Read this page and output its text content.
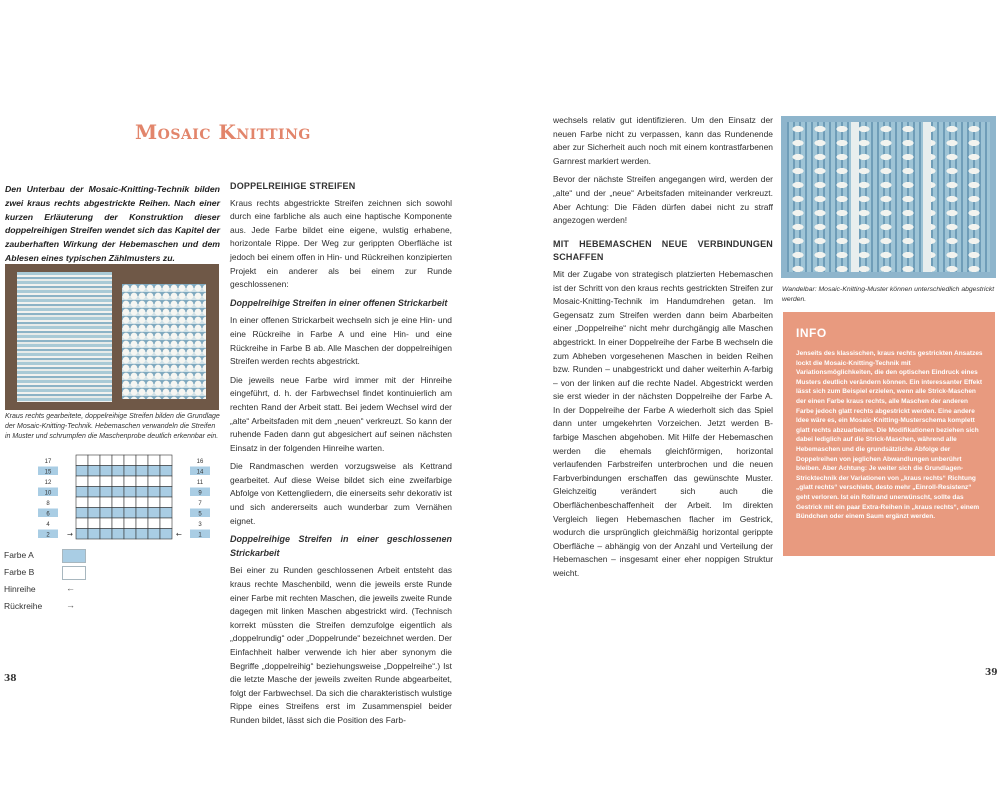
Mosaic Knitting
Den Unterbau der Mosaic-Knitting-Technik bilden zwei kraus rechts abgestrickte Reihen. Nach einer kurzen Erläuterung der Konstruktion dieser doppelreihigen Streifen wendet sich das Kapitel der zauberhaften Wirkung der Hebemaschen und dem Ablesen eines typischen Zählmusters zu.
Kraus rechts gearbeitete, doppelreihige Streifen bilden die Grundlage der Mosaic-Knitting-Technik. Hebemaschen verwandeln die Streifen in Muster und schrumpfen die Maschenprobe deutlich erkennbar ein.
17	16
15	14
12	11
10	9
8	7
6	5
4	3
2	1
→	←
Farbe A
Farbe B
Hinreihe	←
Rückreihe	→
38
39
DOPPELREIHIGE STREIFEN

Kraus rechts abgestrickte Streifen zeichnen sich sowohl durch eine farbliche als auch eine haptische Komponente aus. Jede Farbe bildet eine eigene, wulstig erhabene, horizontale Rippe. Der Weg zur gerippten Oberfläche ist jedoch bei einem offen in Hin- und Rückreihen konzipierten Projekt ein anderer als bei einem zur Runde geschlossenen:

Doppelreihige Streifen in einer offenen Strickarbeit

In einer offenen Strickarbeit wechseln sich je eine Hin- und eine Rückreihe in Farbe A und eine Hin- und eine Rückreihe in Farbe B ab. Alle Maschen der doppelreihigen Streifen werden rechts abgestrickt.

Die jeweils neue Farbe wird immer mit der Hinreihe eingeführt, d. h. der Farbwechsel findet kontinuierlich am rechten Rand der Arbeit statt. Bei jedem Wechsel wird der „alte“ Arbeitsfaden mit dem „neuen“ verkreuzt. So kann der ruhende Faden dann gut abgesichert auf seinen nächsten Einsatz in der folgenden Hinreihe warten.

Die Randmaschen werden vorzugsweise als Kettrand gearbeitet. Auf diese Weise bildet sich eine zweifarbige Abfolge von Kettengliedern, die einerseits sehr dekorativ ist und sich andererseits auch wunderbar zum Vernähen eignet.

Doppelreihige Streifen in einer geschlossenen Strickarbeit

Bei einer zu Runden geschlossenen Arbeit entsteht das kraus rechte Maschenbild, wenn die jeweils erste Runde einer Farbe mit rechten Maschen, die jeweils zweite Runde dagegen mit linken Maschen abgestrickt wird. (Technisch korrekt müssten die Streifen demzufolge eigentlich als „doppelrundig“ oder „Doppelrunde“ bezeichnet werden. Der Einfachheit halber verwende ich hier aber synonym die Begriffe „doppelreihig“ beziehungsweise „Doppelreihe“.) Ist die letzte Masche der jeweils zweiten Runde abgearbeitet, folgt der Farbwechsel. Da sich die charakteristisch wulstige Rippe eines Streifens erst im Zusammenspiel beider Runden bildet, lässt sich die Position des Farb-

wechsels relativ gut identifizieren. Um den Einsatz der neuen Farbe nicht zu verpassen, kann das Rundenende aber zur Sicherheit auch noch mit einem kontrastfarbenen Garnrest markiert werden.

Bevor der nächste Streifen angegangen wird, werden der „alte“ und der „neue“ Arbeitsfaden miteinander verkreuzt. Aber Achtung: Die Fäden dürfen dabei nicht zu straff angezogen werden!

MIT HEBEMASCHEN NEUE VERBINDUNGEN SCHAFFEN

Mit der Zugabe von strategisch platzierten Hebemaschen ist der Schritt von den kraus rechts gestrickten Streifen zur Mosaic-Knitting-Technik im Handumdrehen getan. Im Gegensatz zum Streifen werden dann beim Abarbeiten einer „Doppelreihe“ nicht mehr durchgängig alle Maschen abgestrickt. In einer Doppelreihe der Farbe B wechseln die zum Abheben vorgesehenen Maschen in beiden Reihen bzw. Runden – unabgestrickt und daher weiterhin A-farbig – von der linken auf die rechte Nadel. Abgestrickt werden sie erst wieder in der nächsten Doppelreihe der Farbe A. In der Doppelreihe der Farbe A wiederholt sich das Spiel dann unter umgekehrten Vorzeichen. Jetzt werden B-farbige Maschen abgehoben. Mit Hilfe der Hebemaschen werden die ehemals gleichförmigen, horizontal verlaufenden Farbstreifen unterbrochen und die neuen Farbverbindungen erschaffen das gewünschte Muster. Gleichzeitig verändert sich auch die Oberflächenbeschaffenheit der Arbeit. Im direkten Vergleich liegen Hebemaschen flacher im Gestrick, wodurch die ursprünglich gleichmäßig horizontal gerippte Oberfläche – abhängig von der Anzahl und Verteilung der Hebemaschen – insgesamt einer eher noppigen Struktur weicht.

Wandelbar: Mosaic-Knitting-Muster können unterschiedlich abgestrickt werden.
INFO
Jenseits des klassischen, kraus rechts gestrickten Ansatzes lockt die Mosaic-Knitting-Technik mit Variationsmöglichkeiten, die den optischen Eindruck eines Musters deutlich verändern können. Ein interessanter Effekt lässt sich zum Beispiel erzielen, wenn alle Strick-Maschen der einen Farbe kraus rechts, alle Maschen der anderen Farbe jedoch glatt rechts abgestrickt werden. Eine andere Idee wäre es, ein Mosaic-Knitting-Musterschema komplett glatt rechts abzuarbeiten. Die Modifikationen beziehen sich dabei lediglich auf die Strick-Maschen, während alle Hebemaschen und die grundsätzliche Abfolge der Doppelreihen von jeglichen Abwandlungen unberührt bleiben. Aber Achtung: Je weiter sich die Grundlagen-Stricktechnik der Variationen von „kraus rechts“ Richtung „glatt rechts“ verschiebt, desto mehr „Einroll-Resistenz“ geht verloren. Ist ein Rollrand unerwünscht, sollte das Gestrick mit ein paar Extra-Reihen in „kraus rechts“, einem Bündchen oder einem Saum ergänzt werden.
